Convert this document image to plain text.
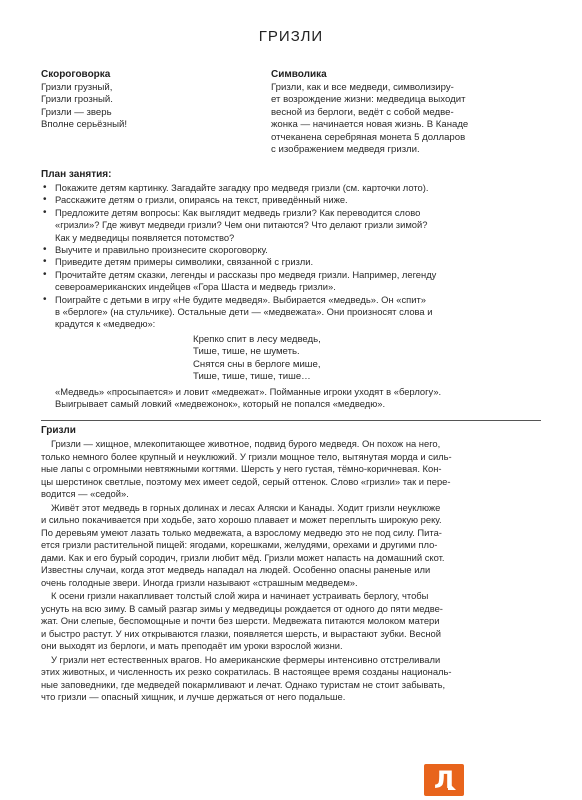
ГРИЗЛИ
Скороговорка
Гризли грузный,
Гризли грозный.
Гризли — зверь
Вполне серьёзный!
Символика
Гризли, как и все медведи, символизиру-
ет возрождение жизни: медведица выходит
весной из берлоги, ведёт с собой медве-
жонка — начинается новая жизнь. В Канаде
отчеканена серебряная монета 5 долларов
с изображением медведя гризли.
План занятия:
• Покажите детям картинку. Загадайте загадку про медведя гризли (см. карточки лото).
• Расскажите детям о гризли, опираясь на текст, приведённый ниже.
• Предложите детям вопросы: Как выглядит медведь гризли? Как переводится слово
«гризли»? Где живут медведи гризли? Чем они питаются? Что делают гризли зимой?
Как у медведицы появляется потомство?
• Выучите и правильно произнесите скороговорку.
• Приведите детям примеры символики, связанной с гризли.
• Прочитайте детям сказки, легенды и рассказы про медведя гризли. Например, легенду
североамериканских индейцев «Гора Шаста и медведь гризли».
• Поиграйте с детьми в игру «Не будите медведя». Выбирается «медведь». Он «спит»
в «берлоге» (на стульчике). Остальные дети — «медвежата». Они произносят слова и
крадутся к «медведю»:
Крепко спит в лесу медведь,
Тише, тише, не шуметь.
Снятся сны в берлоге мише,
Тише, тише, тише, тише…
«Медведь» «просыпается» и ловит «медвежат». Пойманные игроки уходят в «берлогу».
Выигрывает самый ловкий «медвежонок», который не попался «медведю».
Гризли
Гризли — хищное, млекопитающее животное, подвид бурого медведя. Он похож на него,
только немного более крупный и неуклюжий. У гризли мощное тело, вытянутая морда и силь-
ные лапы с огромными невтяжными когтями. Шерсть у него густая, тёмно-коричневая. Кон-
цы шерстинок светлые, поэтому мех имеет седой, серый оттенок. Слово «гризли» так и пере-
водится — «седой».
Живёт этот медведь в горных долинах и лесах Аляски и Канады. Ходит гризли неуклюже
и сильно покачивается при ходьбе, зато хорошо плавает и может переплыть широкую реку.
По деревьям умеют лазать только медвежата, а взрослому медведю это не под силу. Пита-
ется гризли растительной пищей: ягодами, корешками, желудями, орехами и другими пло-
дами. Как и его бурый сородич, гризли любит мёд. Гризли может напасть на домашний скот.
Известны случаи, когда этот медведь нападал на людей. Особенно опасны раненые или
очень голодные звери. Иногда гризли называют «страшным медведем».
К осени гризли накапливает толстый слой жира и начинает устраивать берлогу, чтобы
уснуть на всю зиму. В самый разгар зимы у медведицы рождается от одного до пяти медве-
жат. Они слепые, беспомощные и почти без шерсти. Медвежата питаются молоком матери
и быстро растут. У них открываются глазки, появляется шерсть, и вырастают зубки. Весной
они выходят из берлоги, и мать преподаёт им уроки взрослой жизни.
У гризли нет естественных врагов. Но американские фермеры интенсивно отстреливали
этих животных, и численность их резко сократилась. В настоящее время созданы националь-
ные заповедники, где медведей покармливают и лечат. Однако туристам не стоит забывать,
что гризли — опасный хищник, и лучше держаться от него подальше.
Л
